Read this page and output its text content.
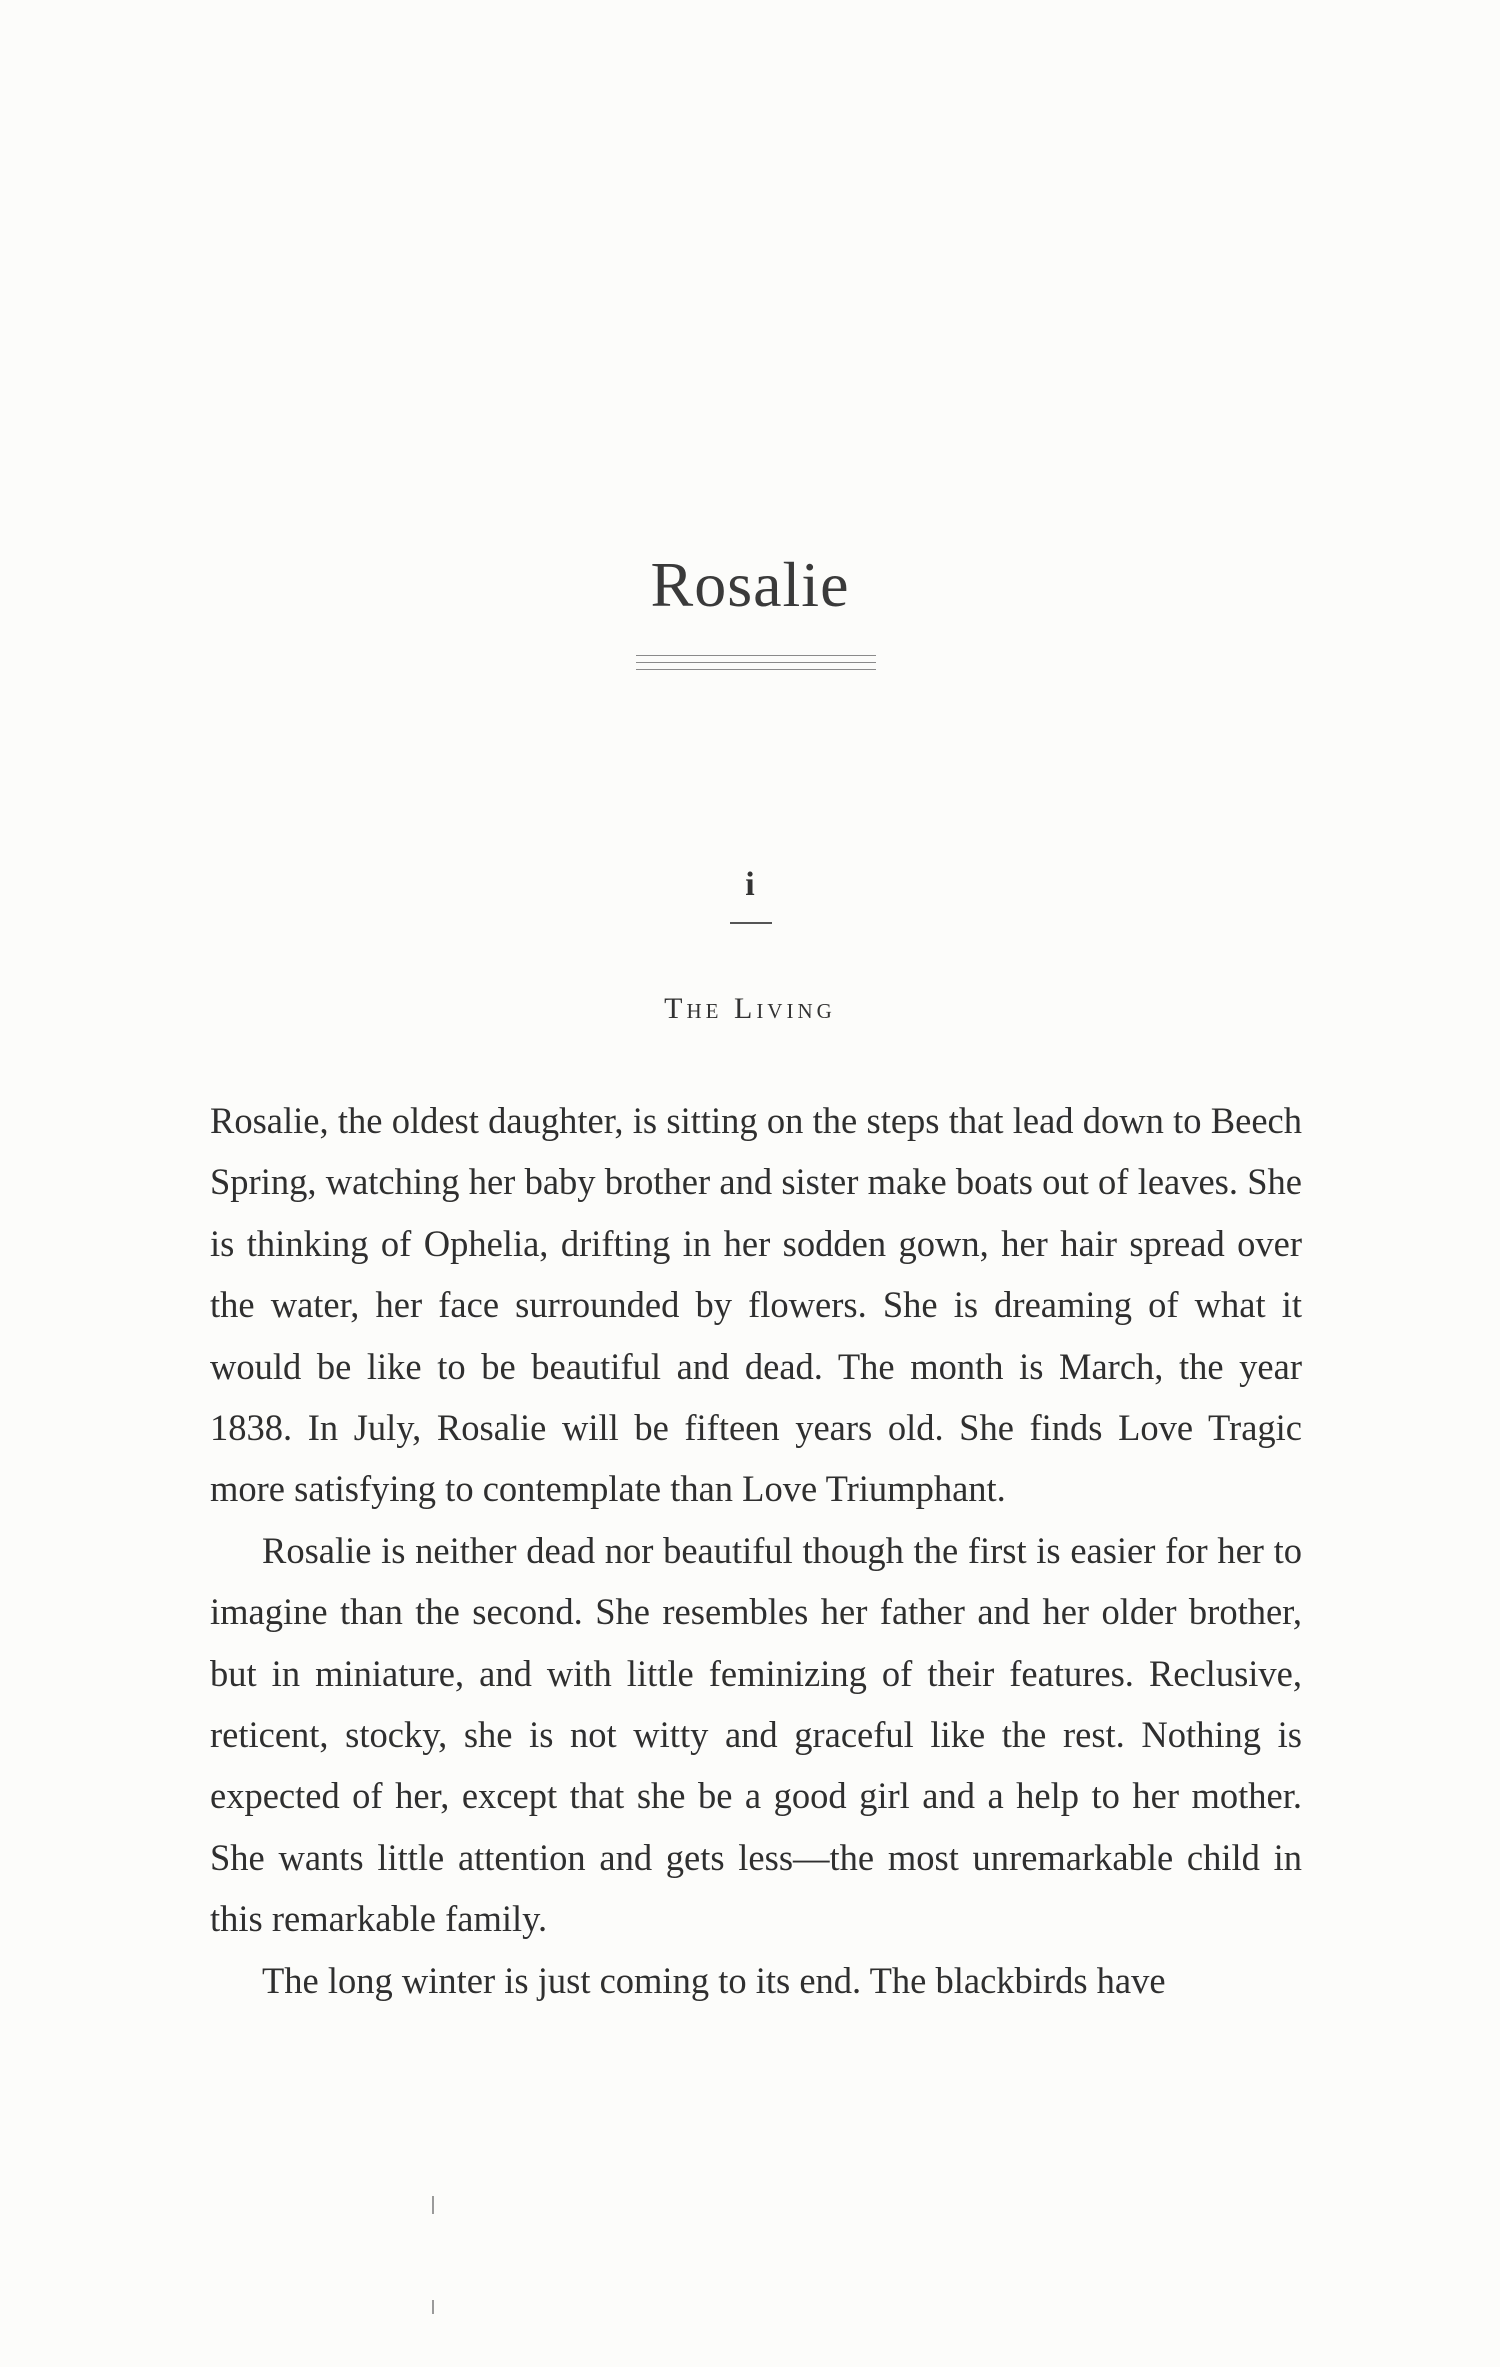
Rosalie
i
The Living

Rosalie, the oldest daughter, is sitting on the steps that lead down to Beech Spring, watching her baby brother and sister make boats out of leaves. She is thinking of Ophelia, drifting in her sodden gown, her hair spread over the water, her face surrounded by flowers. She is dreaming of what it would be like to be beautiful and dead. The month is March, the year 1838. In July, Rosalie will be fifteen years old. She finds Love Tragic more satisfying to contemplate than Love Triumphant.

Rosalie is neither dead nor beautiful though the first is easier for her to imagine than the second. She resembles her father and her older brother, but in miniature, and with little feminizing of their features. Reclusive, reticent, stocky, she is not witty and graceful like the rest. Nothing is expected of her, except that she be a good girl and a help to her mother. She wants little attention and gets less—the most unremarkable child in this remarkable family.

The long winter is just coming to its end. The blackbirds have
